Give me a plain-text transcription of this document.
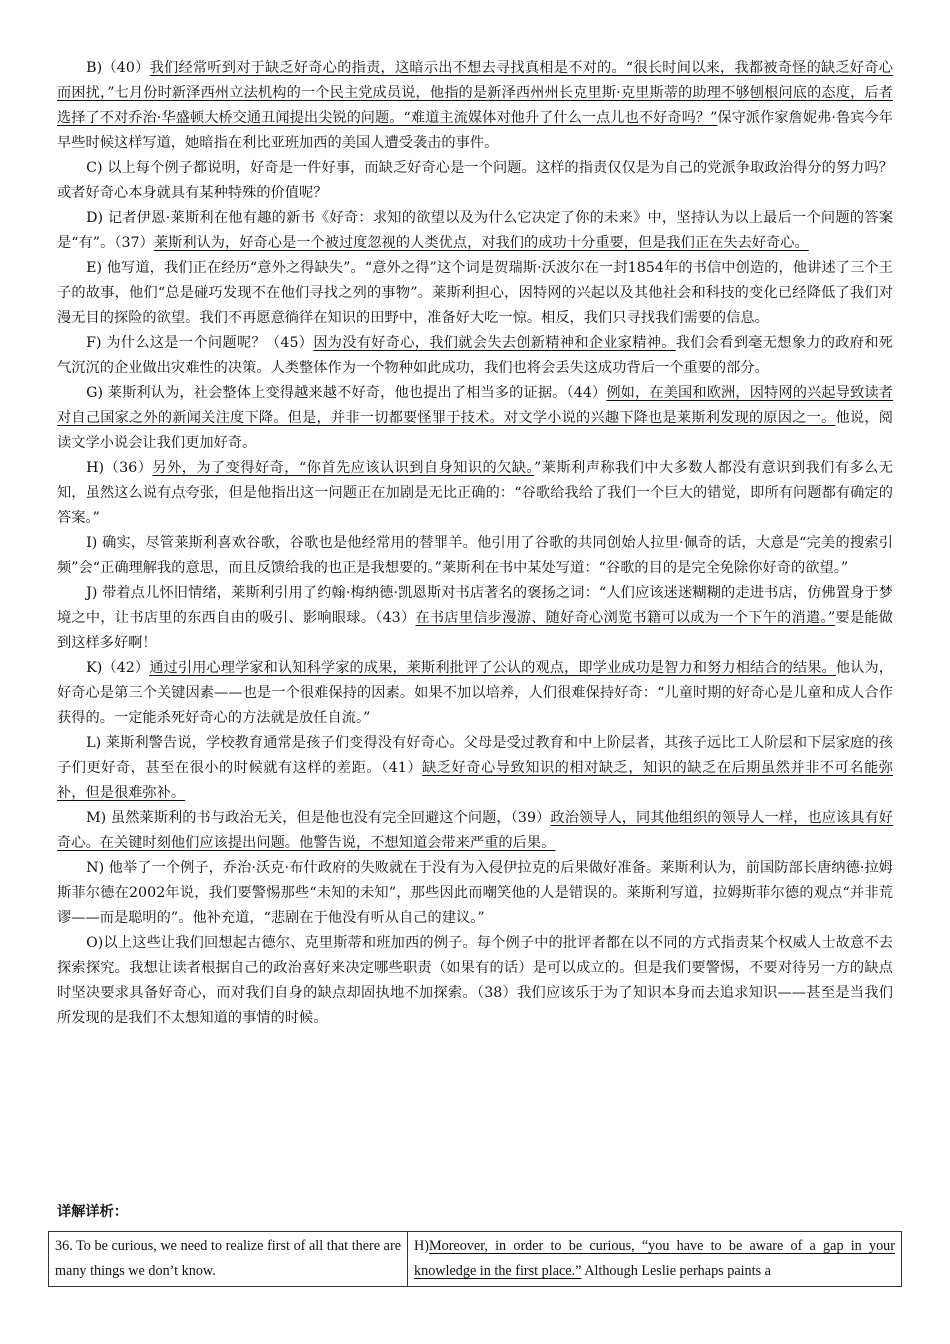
B)（40）我们经常听到对于缺乏好奇心的指责，这暗示出不想去寻找真相是不对的。“很长时间以来，我都被奇怪的缺乏好奇心而困扰，”七月份时新泽西州立法机构的一个民主党成员说，他指的是新泽西州州长克里斯·克里斯蒂的助理不够刨根问底的态度，后者选择了不对乔治·华盛顿大桥交通丑闻提出尖锐的问题。“难道主流媒体对他升了什么一点儿也不好奇吗？”保守派作家詹妮弗·鲁宾今年早些时候这样写道，她暗指在利比亚班加西的美国人遭受袭击的事件。

C) 以上每个例子都说明，好奇是一件好事，而缺乏好奇心是一个问题。这样的指责仅仅是为自己的党派争取政治得分的努力吗？或者好奇心本身就具有某种特殊的价值呢？

D) 记者伊恩·莱斯利在他有趣的新书《好奇：求知的欲望以及为什么它决定了你的未来》中，坚持认为以上最后一个问题的答案是“有”。（37）莱斯利认为，好奇心是一个被过度忽视的人类优点，对我们的成功十分重要，但是我们正在失去好奇心。

E) 他写道，我们正在经历“意外之得缺失”。“意外之得”这个词是贺瑞斯·沃波尔在一封1854年的书信中创造的，他讲述了三个王子的故事，他们“总是碰巧发现不在他们寻找之列的事物”。莱斯利担心，因特网的兴起以及其他社会和科技的变化已经降低了我们对漫无目的探险的欲望。我们不再愿意徜徉在知识的田野中，准备好大吃一惊。相反，我们只寻找我们需要的信息。

F) 为什么这是一个问题呢？（45）因为没有好奇心，我们就会失去创新精神和企业家精神。我们会看到毫无想象力的政府和死气沉沉的企业做出灾难性的决策。人类整体作为一个物种如此成功，我们也将会丢失这成功背后一个重要的部分。

G) 莱斯利认为，社会整体上变得越来越不好奇，他也提出了相当多的证据。（44）例如，在美国和欧洲，因特网的兴起导致读者对自己国家之外的新闻关注度下降。但是，并非一切都要怪罪于技术。对文学小说的兴趣下降也是莱斯利发现的原因之一。他说，阅读文学小说会让我们更加好奇。

H)（36）另外，为了变得好奇，“你首先应该认识到自身知识的欠缺。”莱斯利声称我们中大多数人都没有意识到我们有多么无知，虽然这么说有点夸张，但是他指出这一问题正在加剧是无比正确的：“谷歌给我给了我们一个巨大的错觉，即所有问题都有确定的答案。”

I) 确实，尽管莱斯利喜欢谷歌，谷歌也是他经常用的替罪羊。他引用了谷歌的共同创始人拉里·佩奇的话，大意是“完美的搜索引频”会“正确理解我的意思，而且反馈给我的也正是我想要的。”莱斯利在书中某处写道：“谷歌的目的是完全免除你好奇的欲望。”

J) 带着点儿怀旧情绪，莱斯利引用了约翰·梅纳德·凯恩斯对书店著名的褒扬之词：“人们应该迷迷糊糊的走进书店，仿佛置身于梦境之中，让书店里的东西自由的吸引、影响眼球。（43）在书店里信步漫游、随好奇心浏览书籍可以成为一个下午的消遣。”要是能做到这样多好啊！

K)（42）通过引用心理学家和认知科学家的成果，莱斯利批评了公认的观点，即学业成功是智力和努力相结合的结果。他认为，好奇心是第三个关键因素——也是一个很难保持的因素。如果不加以培养，人们很难保持好奇：“儿童时期的好奇心是儿童和成人合作获得的。一定能杀死好奇心的方法就是放任自流。”

L) 莱斯利警告说，学校教育通常是孩子们变得没有好奇心。父母是受过教育和中上阶层者，其孩子远比工人阶层和下层家庭的孩子们更好奇，甚至在很小的时候就有这样的差距。（41）缺乏好奇心导致知识的相对缺乏，知识的缺乏在后期虽然并非不可名能弥补，但是很难弥补。

M) 虽然莱斯利的书与政治无关，但是他也没有完全回避这个问题，（39）政治领导人，同其他组织的领导人一样，也应该具有好奇心。在关键时刻他们应该提出问题。他警告说，不想知道会带来严重的后果。

N) 他举了一个例子，乔治·沃克·布什政府的失败就在于没有为入侵伊拉克的后果做好准备。莱斯利认为，前国防部长唐纳德·拉姆斯菲尔德在2002年说，我们要警惕那些“未知的未知”，那些因此而嘲笑他的人是错误的。莱斯利写道，拉姆斯菲尔德的观点“并非荒谬——而是聪明的”。他补充道，“悲剧在于他没有听从自己的建议。”

O)以上这些让我们回想起古德尔、克里斯蒂和班加西的例子。每个例子中的批评者都在以不同的方式指责某个权威人士故意不去探索探究。我想让读者根据自己的政治喜好来决定哪些职责（如果有的话）是可以成立的。但是我们要警惕，不要对待另一方的缺点时坚决要求具备好奇心，而对我们自身的缺点却固执地不加探索。（38）我们应该乐于为了知识本身而去追求知识——甚至是当我们所发现的是我们不太想知道的事情的时候。

详解详析：
36. To be curious, we need to realize first of all that there are many things we don’t know.	H)Moreover, in order to be curious, “you have to be aware of a gap in your knowledge in the first place.” Although Leslie perhaps paints a
